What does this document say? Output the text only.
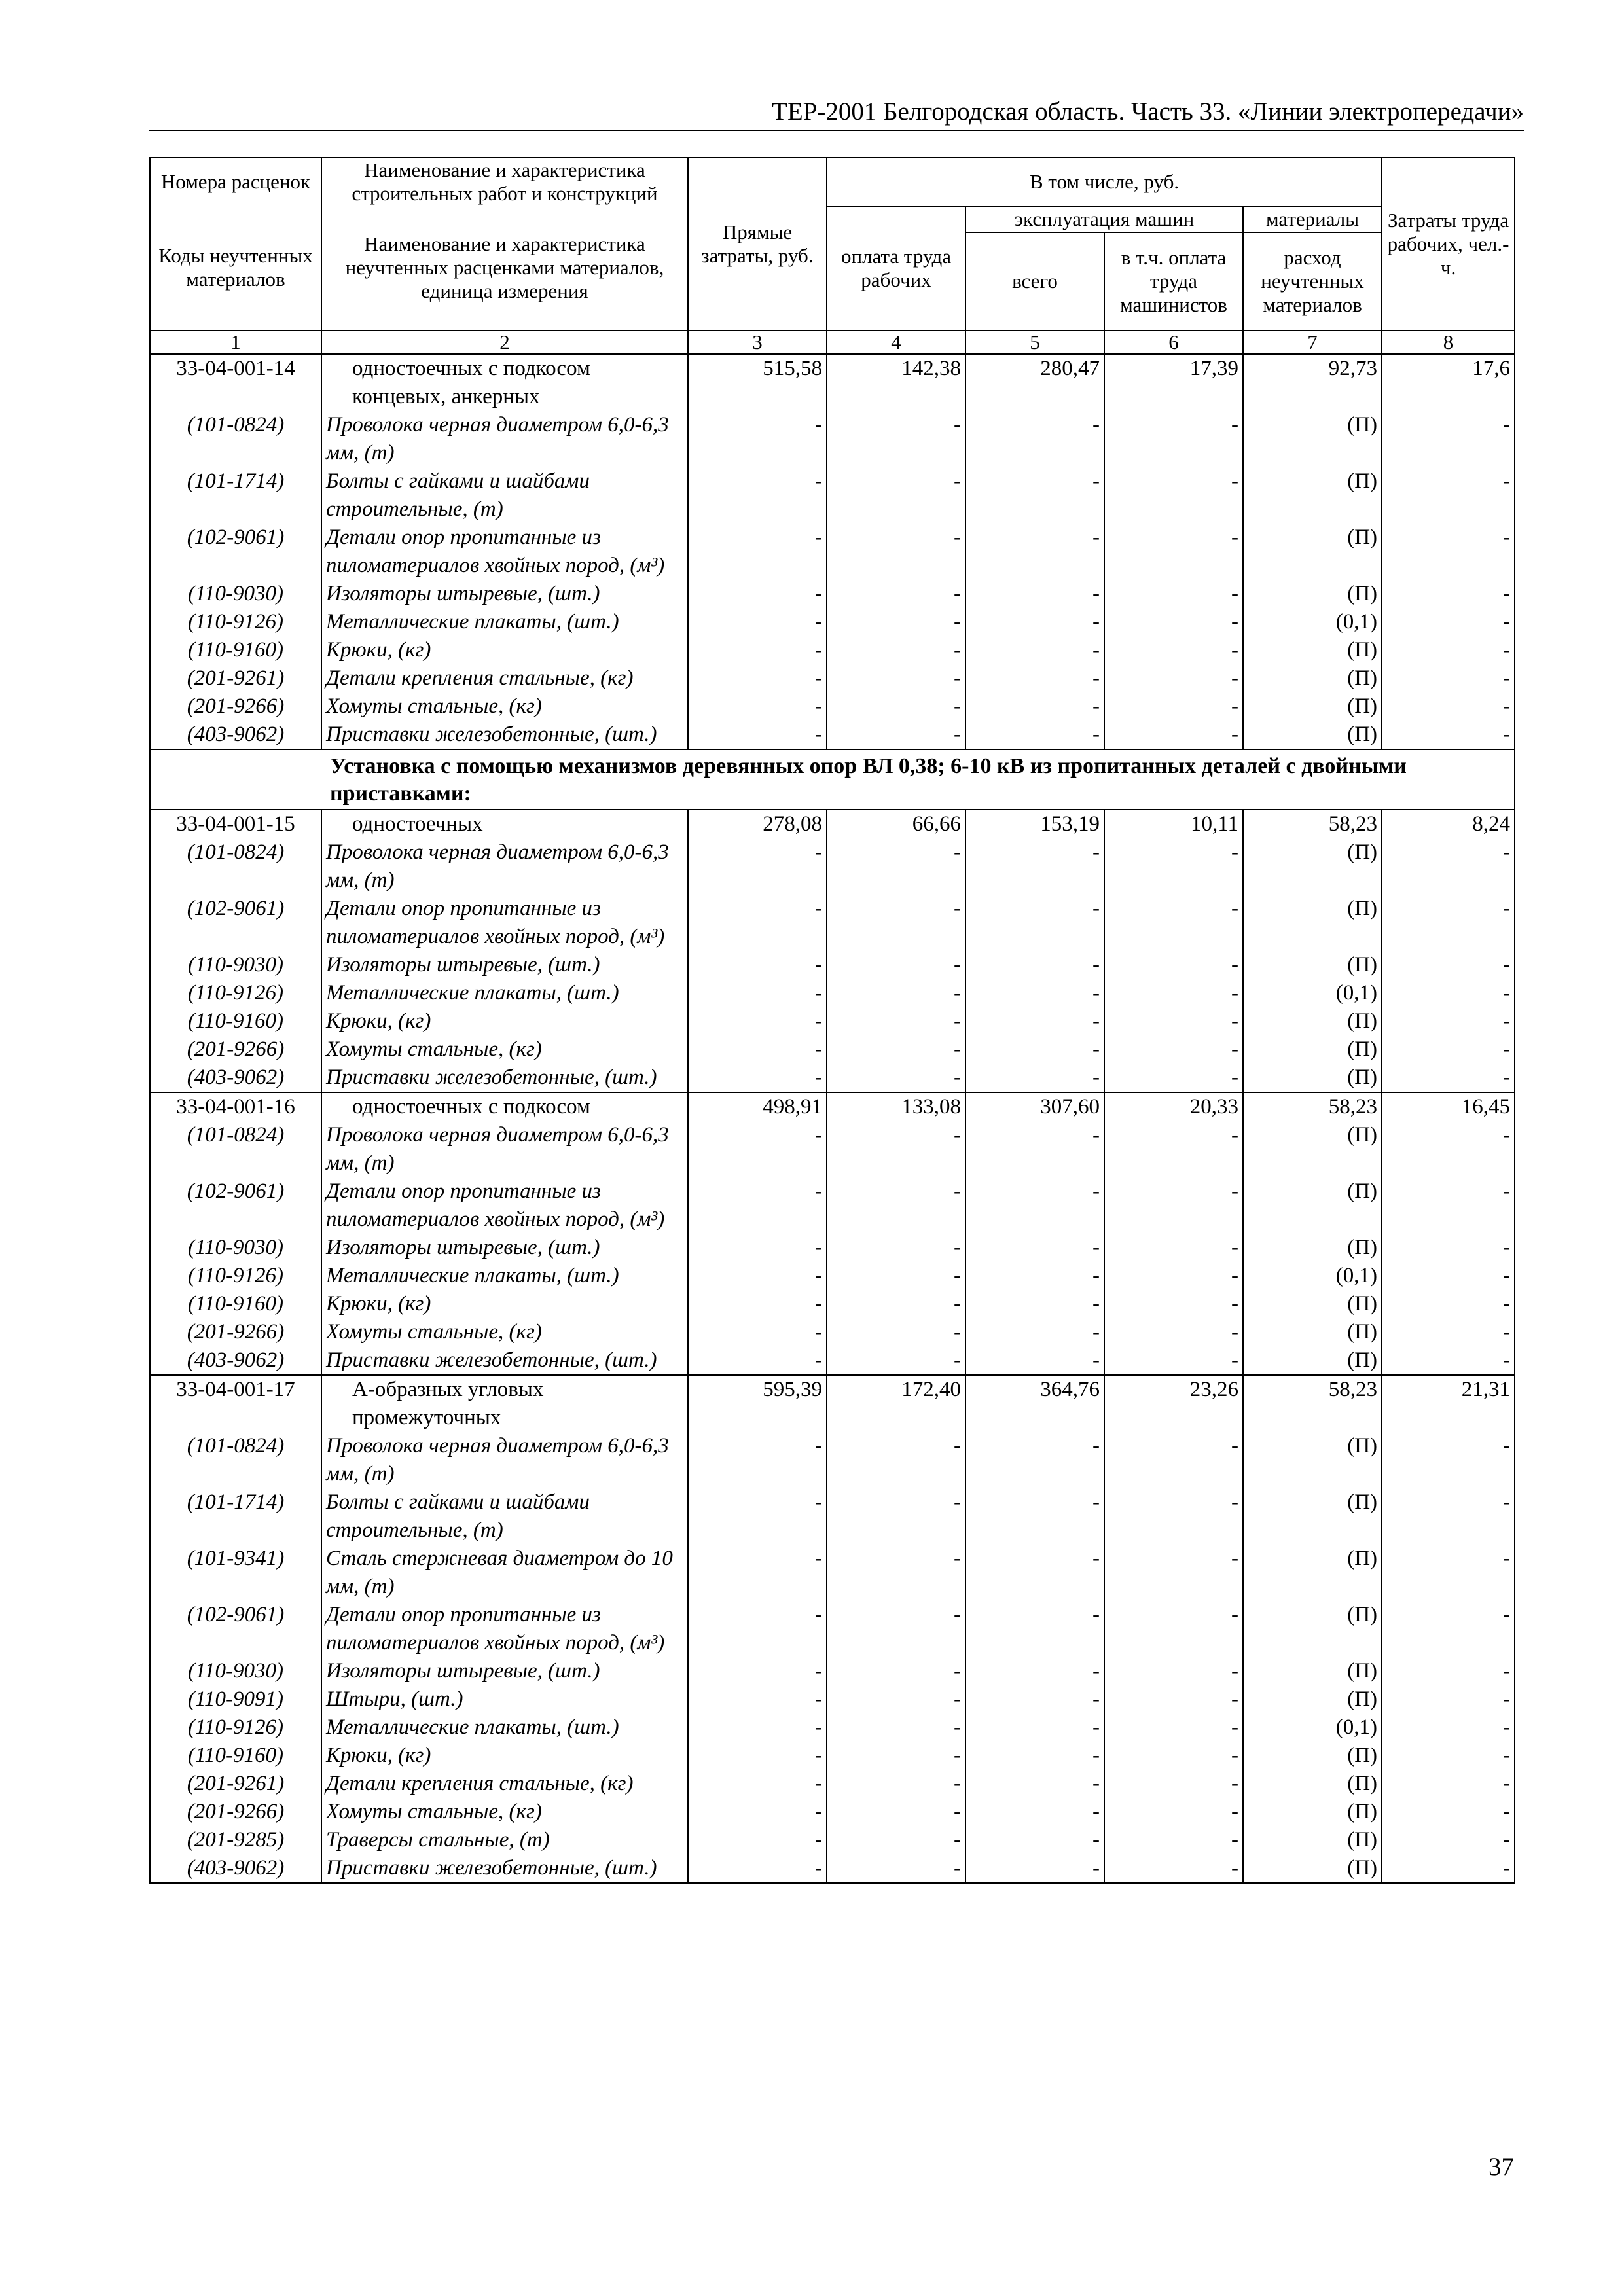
ТЕР-2001 Белгородская область. Часть 33. «Линии электропередачи»
Номера расценок	Наименование и характеристика строительных работ и конструкций	Прямые затраты, руб.	В том числе, руб.				Затраты труда рабочих, чел.-ч.
Коды неучтенных материалов	Наименование и характеристика неучтенных расценками материалов, единица измерения		оплата труда рабочих	эксплуатация машин		материалы	
				всего	в т.ч. оплата труда машинистов	расход неучтенных материалов	
1	2	3	4	5	6	7	8
33-04-001-14	одностоечных с подкосом концевых, анкерных	515,58	142,38	280,47	17,39	92,73	17,6
(101-0824)	Проволока черная диаметром 6,0-6,3 мм, (т)	-	-	-	-	(П)	-
(101-1714)	Болты с гайками и шайбами строительные, (т)	-	-	-	-	(П)	-
(102-9061)	Детали опор пропитанные из пиломатериалов хвойных пород, (м³)	-	-	-	-	(П)	-
(110-9030)	Изоляторы штыревые, (шт.)	-	-	-	-	(П)	-
(110-9126)	Металлические плакаты, (шт.)	-	-	-	-	(0,1)	-
(110-9160)	Крюки, (кг)	-	-	-	-	(П)	-
(201-9261)	Детали крепления стальные, (кг)	-	-	-	-	(П)	-
(201-9266)	Хомуты стальные, (кг)	-	-	-	-	(П)	-
(403-9062)	Приставки железобетонные, (шт.)	-	-	-	-	(П)	-
Установка с помощью механизмов деревянных опор ВЛ 0,38; 6-10 кВ из пропитанных деталей с двойными приставками:							
33-04-001-15	одностоечных	278,08	66,66	153,19	10,11	58,23	8,24
(101-0824)	Проволока черная диаметром 6,0-6,3 мм, (т)	-	-	-	-	(П)	-
(102-9061)	Детали опор пропитанные из пиломатериалов хвойных пород, (м³)	-	-	-	-	(П)	-
(110-9030)	Изоляторы штыревые, (шт.)	-	-	-	-	(П)	-
(110-9126)	Металлические плакаты, (шт.)	-	-	-	-	(0,1)	-
(110-9160)	Крюки, (кг)	-	-	-	-	(П)	-
(201-9266)	Хомуты стальные, (кг)	-	-	-	-	(П)	-
(403-9062)	Приставки железобетонные, (шт.)	-	-	-	-	(П)	-
33-04-001-16	одностоечных с подкосом	498,91	133,08	307,60	20,33	58,23	16,45
(101-0824)	Проволока черная диаметром 6,0-6,3 мм, (т)	-	-	-	-	(П)	-
(102-9061)	Детали опор пропитанные из пиломатериалов хвойных пород, (м³)	-	-	-	-	(П)	-
(110-9030)	Изоляторы штыревые, (шт.)	-	-	-	-	(П)	-
(110-9126)	Металлические плакаты, (шт.)	-	-	-	-	(0,1)	-
(110-9160)	Крюки, (кг)	-	-	-	-	(П)	-
(201-9266)	Хомуты стальные, (кг)	-	-	-	-	(П)	-
(403-9062)	Приставки железобетонные, (шт.)	-	-	-	-	(П)	-
33-04-001-17	А-образных угловых промежуточных	595,39	172,40	364,76	23,26	58,23	21,31
(101-0824)	Проволока черная диаметром 6,0-6,3 мм, (т)	-	-	-	-	(П)	-
(101-1714)	Болты с гайками и шайбами строительные, (т)	-	-	-	-	(П)	-
(101-9341)	Сталь стержневая диаметром до 10 мм, (т)	-	-	-	-	(П)	-
(102-9061)	Детали опор пропитанные из пиломатериалов хвойных пород, (м³)	-	-	-	-	(П)	-
(110-9030)	Изоляторы штыревые, (шт.)	-	-	-	-	(П)	-
(110-9091)	Штыри, (шт.)	-	-	-	-	(П)	-
(110-9126)	Металлические плакаты, (шт.)	-	-	-	-	(0,1)	-
(110-9160)	Крюки, (кг)	-	-	-	-	(П)	-
(201-9261)	Детали крепления стальные, (кг)	-	-	-	-	(П)	-
(201-9266)	Хомуты стальные, (кг)	-	-	-	-	(П)	-
(201-9285)	Траверсы стальные, (т)	-	-	-	-	(П)	-
(403-9062)	Приставки железобетонные, (шт.)	-	-	-	-	(П)	-
37
